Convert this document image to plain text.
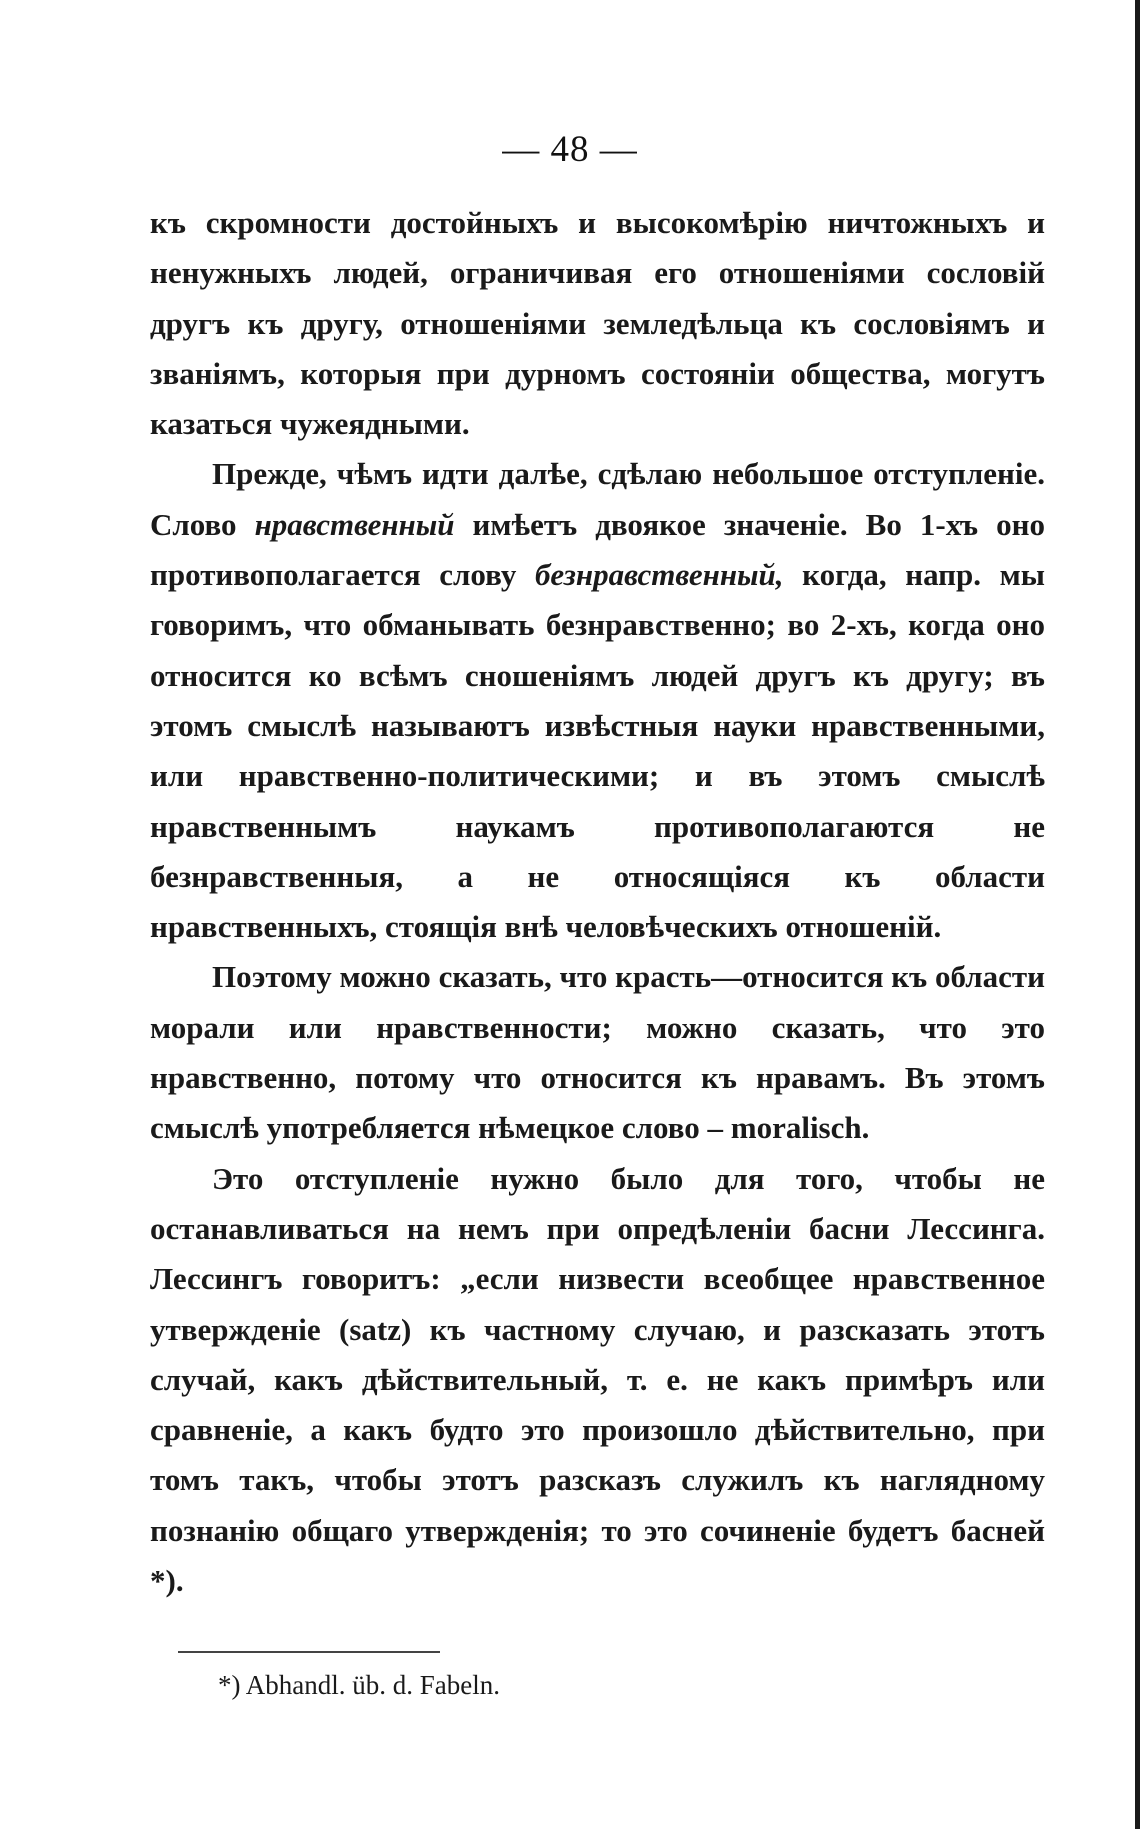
— 48 —

къ скромности достойныхъ и высокомѣрію ничтожныхъ и ненужныхъ людей, ограничивая его отношеніями сословій другъ къ другу, отношеніями земледѣльца къ сословіямъ и званіямъ, которыя при дурномъ состояніи общества, могутъ казаться чужеядными.

Прежде, чѣмъ идти далѣе, сдѣлаю небольшое отступленіе. Слово нравственный имѣетъ двоякое значеніе. Во 1-хъ оно противополагается слову безнравственный, когда, напр. мы говоримъ, что обманывать безнравственно; во 2-хъ, когда оно относится ко всѣмъ сношеніямъ людей другъ къ другу; въ этомъ смыслѣ называютъ извѣстныя науки нравственными, или нравственно-политическими; и въ этомъ смыслѣ нравственнымъ наукамъ противополагаются не безнравственныя, а не относящіяся къ области нравственныхъ, стоящія внѣ человѣческихъ отношеній.

Поэтому можно сказать, что красть—относится къ области морали или нравственности; можно сказать, что это нравственно, потому что относится къ нравамъ. Въ этомъ смыслѣ употребляется нѣмецкое слово – moralisch.

Это отступленіе нужно было для того, чтобы не останавливаться на немъ при опредѣленіи басни Лессинга. Лессингъ говоритъ: „если низвести всеобщее нравственное утвержденіе (satz) къ частному случаю, и разсказать этотъ случай, какъ дѣйствительный, т. е. не какъ примѣръ или сравненіе, а какъ будто это произошло дѣйствительно, при томъ такъ, чтобы этотъ разсказъ служилъ къ наглядному познанію общаго утвержденія; то это сочиненіе будетъ басней *).

*) Abhandl. üb. d. Fabeln.
